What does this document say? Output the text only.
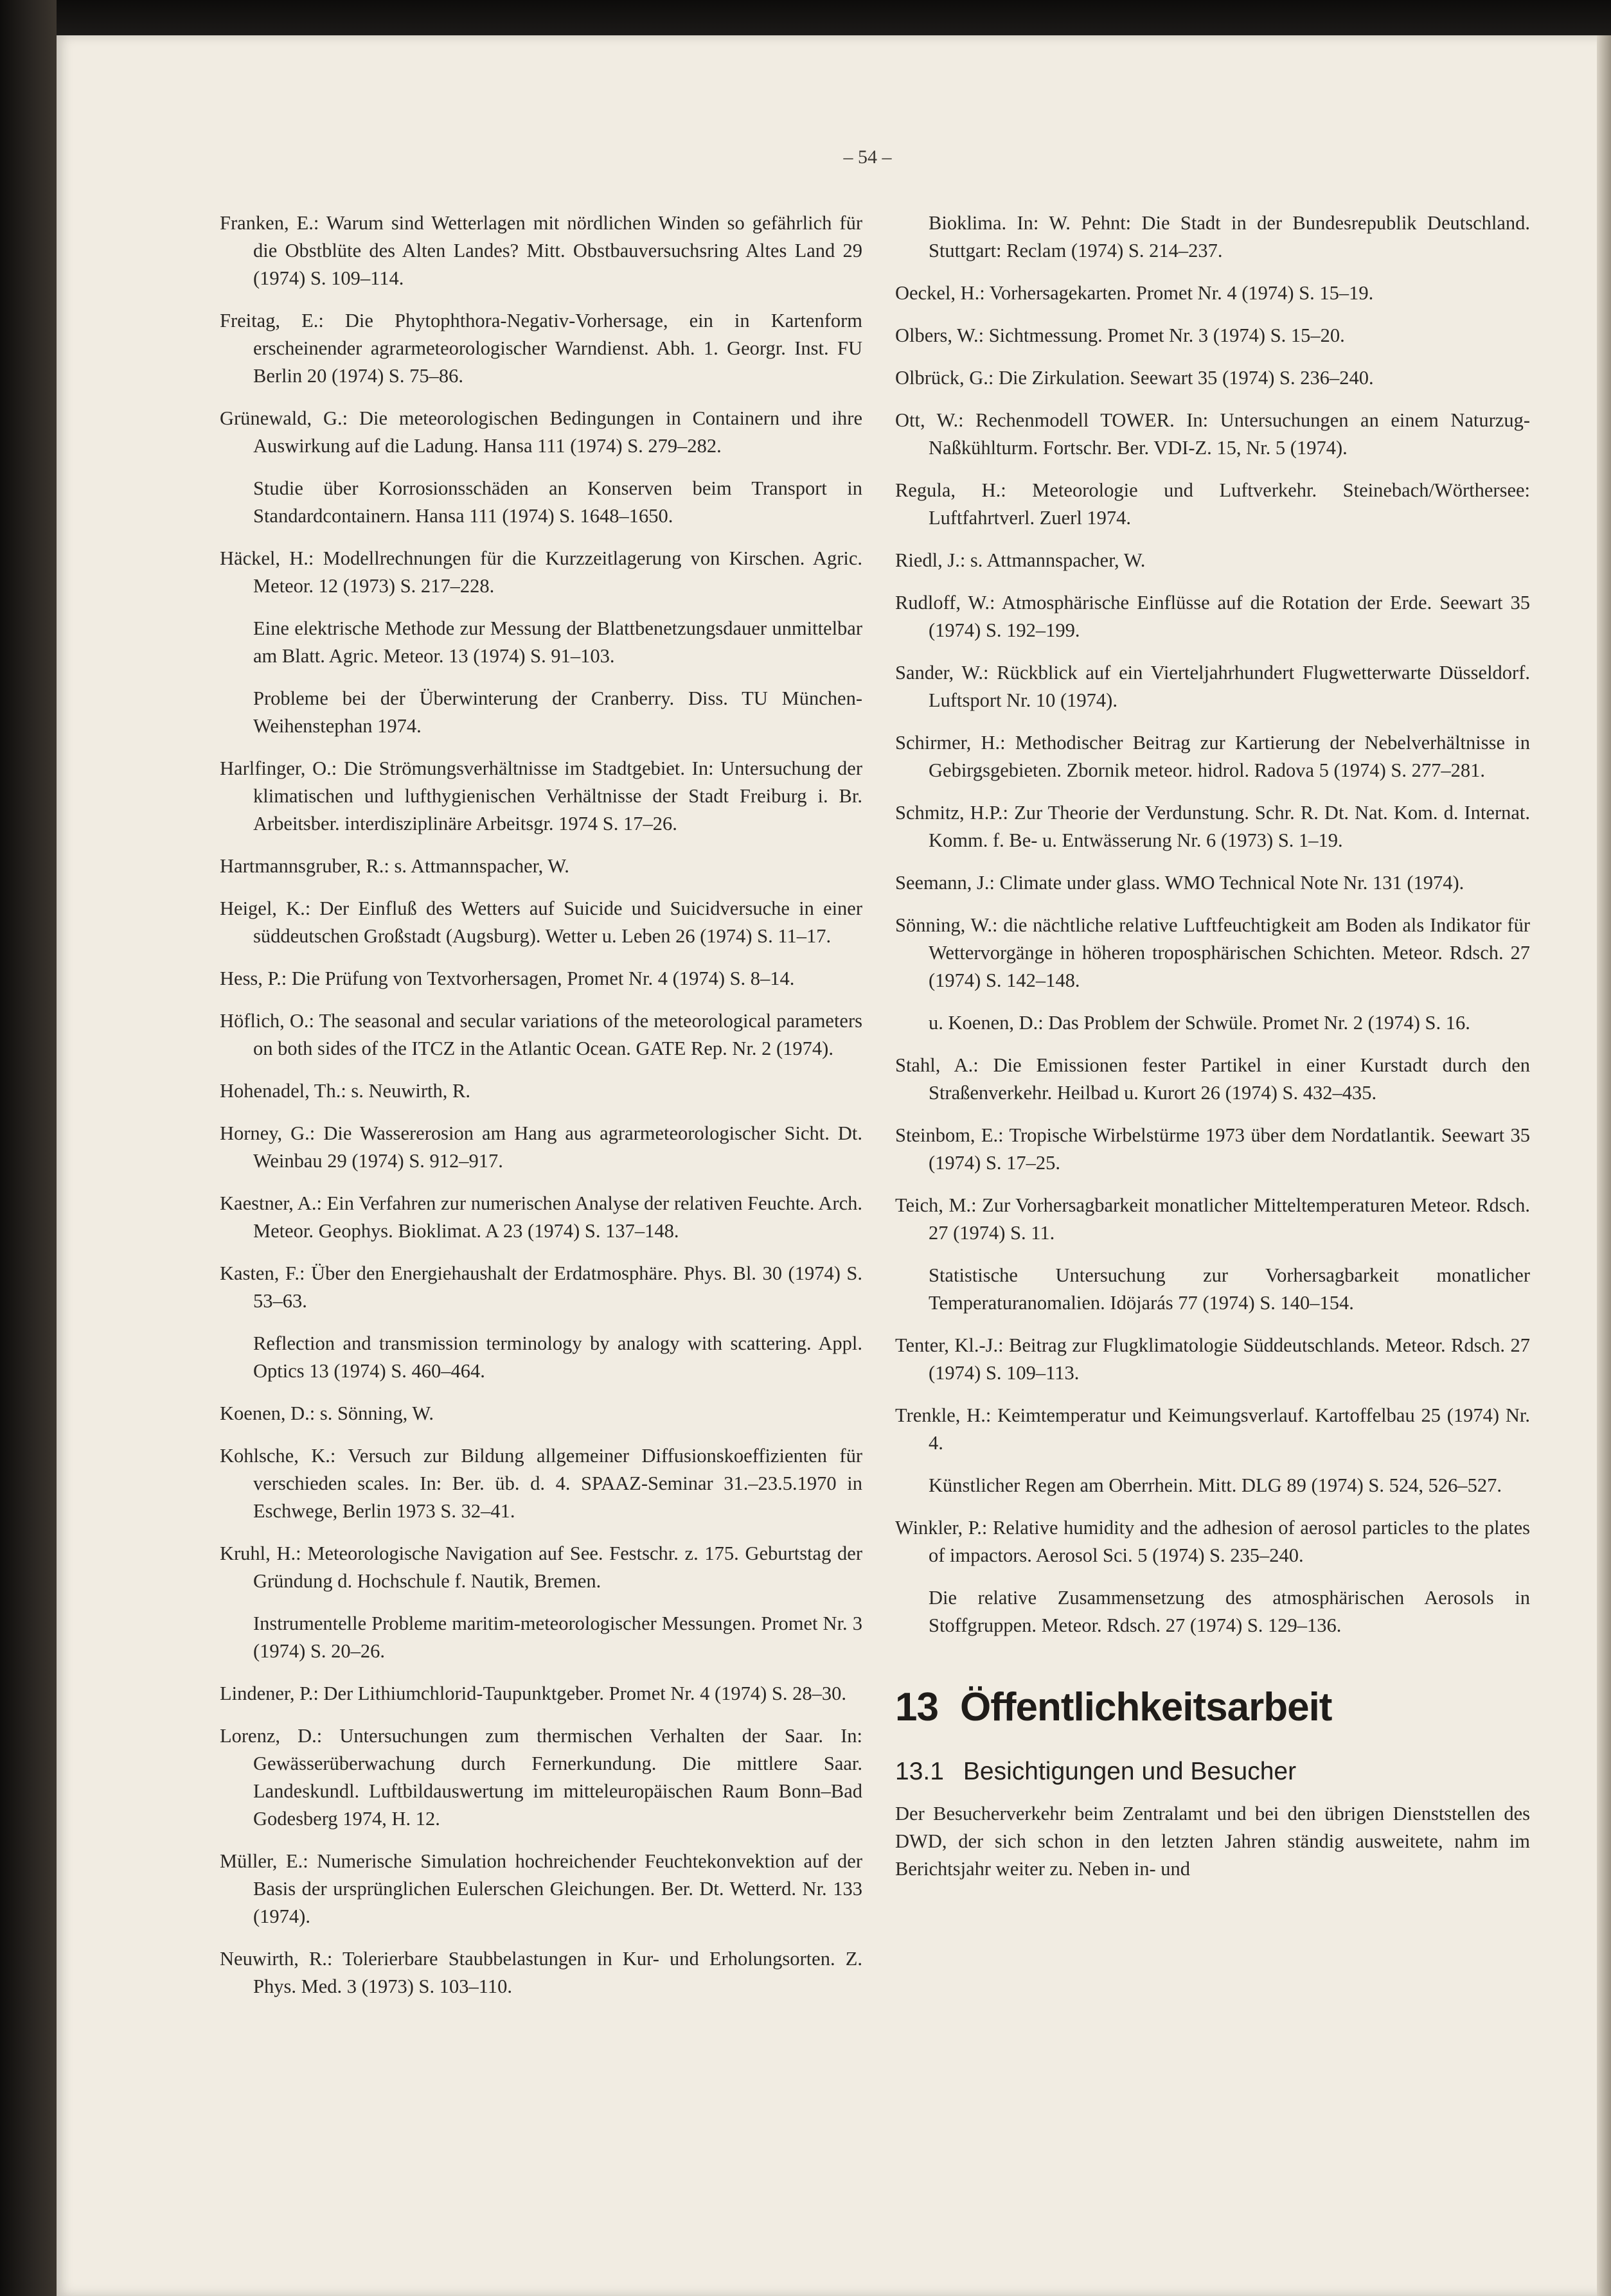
– 54 –

Franken, E.: Warum sind Wetterlagen mit nördlichen Winden so gefährlich für die Obstblüte des Alten Landes? Mitt. Obstbauversuchsring Altes Land 29 (1974) S. 109–114.

Freitag, E.: Die Phytophthora-Negativ-Vorhersage, ein in Kartenform erscheinender agrarmeteorologischer Warndienst. Abh. 1. Georgr. Inst. FU Berlin 20 (1974) S. 75–86.

Grünewald, G.: Die meteorologischen Bedingungen in Containern und ihre Auswirkung auf die Ladung. Hansa 111 (1974) S. 279–282.

Studie über Korrosionsschäden an Konserven beim Transport in Standardcontainern. Hansa 111 (1974) S. 1648–1650.

Häckel, H.: Modellrechnungen für die Kurzzeitlagerung von Kirschen. Agric. Meteor. 12 (1973) S. 217–228.

Eine elektrische Methode zur Messung der Blattbenetzungsdauer unmittelbar am Blatt. Agric. Meteor. 13 (1974) S. 91–103.

Probleme bei der Überwinterung der Cranberry. Diss. TU München-Weihenstephan 1974.

Harlfinger, O.: Die Strömungsverhältnisse im Stadtgebiet. In: Untersuchung der klimatischen und lufthygienischen Verhältnisse der Stadt Freiburg i. Br. Arbeitsber. interdisziplinäre Arbeitsgr. 1974 S. 17–26.

Hartmannsgruber, R.: s. Attmannspacher, W.

Heigel, K.: Der Einfluß des Wetters auf Suicide und Suicidversuche in einer süddeutschen Großstadt (Augsburg). Wetter u. Leben 26 (1974) S. 11–17.

Hess, P.: Die Prüfung von Textvorhersagen, Promet Nr. 4 (1974) S. 8–14.

Höflich, O.: The seasonal and secular variations of the meteorological parameters on both sides of the ITCZ in the Atlantic Ocean. GATE Rep. Nr. 2 (1974).

Hohenadel, Th.: s. Neuwirth, R.

Horney, G.: Die Wassererosion am Hang aus agrarmeteorologischer Sicht. Dt. Weinbau 29 (1974) S. 912–917.

Kaestner, A.: Ein Verfahren zur numerischen Analyse der relativen Feuchte. Arch. Meteor. Geophys. Bioklimat. A 23 (1974) S. 137–148.

Kasten, F.: Über den Energiehaushalt der Erdatmosphäre. Phys. Bl. 30 (1974) S. 53–63.

Reflection and transmission terminology by analogy with scattering. Appl. Optics 13 (1974) S. 460–464.

Koenen, D.: s. Sönning, W.

Kohlsche, K.: Versuch zur Bildung allgemeiner Diffusionskoeffizienten für verschieden scales. In: Ber. üb. d. 4. SPAAZ-Seminar 31.–23.5.1970 in Eschwege, Berlin 1973 S. 32–41.

Kruhl, H.: Meteorologische Navigation auf See. Festschr. z. 175. Geburtstag der Gründung d. Hochschule f. Nautik, Bremen.

Instrumentelle Probleme maritim-meteorologischer Messungen. Promet Nr. 3 (1974) S. 20–26.

Lindener, P.: Der Lithiumchlorid-Taupunktgeber. Promet Nr. 4 (1974) S. 28–30.

Lorenz, D.: Untersuchungen zum thermischen Verhalten der Saar. In: Gewässerüberwachung durch Fernerkundung. Die mittlere Saar. Landeskundl. Luftbildauswertung im mitteleuropäischen Raum Bonn–Bad Godesberg 1974, H. 12.

Müller, E.: Numerische Simulation hochreichender Feuchtekonvektion auf der Basis der ursprünglichen Eulerschen Gleichungen. Ber. Dt. Wetterd. Nr. 133 (1974).

Neuwirth, R.: Tolerierbare Staubbelastungen in Kur- und Erholungsorten. Z. Phys. Med. 3 (1973) S. 103–110.

Bioklima. In: W. Pehnt: Die Stadt in der Bundesrepublik Deutschland. Stuttgart: Reclam (1974) S. 214–237.

Oeckel, H.: Vorhersagekarten. Promet Nr. 4 (1974) S. 15–19.

Olbers, W.: Sichtmessung. Promet Nr. 3 (1974) S. 15–20.

Olbrück, G.: Die Zirkulation. Seewart 35 (1974) S. 236–240.

Ott, W.: Rechenmodell TOWER. In: Untersuchungen an einem Naturzug-Naßkühlturm. Fortschr. Ber. VDI-Z. 15, Nr. 5 (1974).

Regula, H.: Meteorologie und Luftverkehr. Steinebach/Wörthersee: Luftfahrtverl. Zuerl 1974.

Riedl, J.: s. Attmannspacher, W.

Rudloff, W.: Atmosphärische Einflüsse auf die Rotation der Erde. Seewart 35 (1974) S. 192–199.

Sander, W.: Rückblick auf ein Vierteljahrhundert Flugwetterwarte Düsseldorf. Luftsport Nr. 10 (1974).

Schirmer, H.: Methodischer Beitrag zur Kartierung der Nebelverhältnisse in Gebirgsgebieten. Zbornik meteor. hidrol. Radova 5 (1974) S. 277–281.

Schmitz, H.P.: Zur Theorie der Verdunstung. Schr. R. Dt. Nat. Kom. d. Internat. Komm. f. Be- u. Entwässerung Nr. 6 (1973) S. 1–19.

Seemann, J.: Climate under glass. WMO Technical Note Nr. 131 (1974).

Sönning, W.: die nächtliche relative Luftfeuchtigkeit am Boden als Indikator für Wettervorgänge in höheren troposphärischen Schichten. Meteor. Rdsch. 27 (1974) S. 142–148.

u. Koenen, D.: Das Problem der Schwüle. Promet Nr. 2 (1974) S. 16.

Stahl, A.: Die Emissionen fester Partikel in einer Kurstadt durch den Straßenverkehr. Heilbad u. Kurort 26 (1974) S. 432–435.

Steinbom, E.: Tropische Wirbelstürme 1973 über dem Nordatlantik. Seewart 35 (1974) S. 17–25.

Teich, M.: Zur Vorhersagbarkeit monatlicher Mitteltemperaturen Meteor. Rdsch. 27 (1974) S. 11.

Statistische Untersuchung zur Vorhersagbarkeit monatlicher Temperaturanomalien. Idöjarás 77 (1974) S. 140–154.

Tenter, Kl.-J.: Beitrag zur Flugklimatologie Süddeutschlands. Meteor. Rdsch. 27 (1974) S. 109–113.

Trenkle, H.: Keimtemperatur und Keimungsverlauf. Kartoffelbau 25 (1974) Nr. 4.

Künstlicher Regen am Oberrhein. Mitt. DLG 89 (1974) S. 524, 526–527.

Winkler, P.: Relative humidity and the adhesion of aerosol particles to the plates of impactors. Aerosol Sci. 5 (1974) S. 235–240.

Die relative Zusammensetzung des atmosphärischen Aerosols in Stoffgruppen. Meteor. Rdsch. 27 (1974) S. 129–136.

13 Öffentlichkeitsarbeit
13.1 Besichtigungen und Besucher

Der Besucherverkehr beim Zentralamt und bei den übrigen Dienststellen des DWD, der sich schon in den letzten Jahren ständig ausweitete, nahm im Berichtsjahr weiter zu. Neben in- und
